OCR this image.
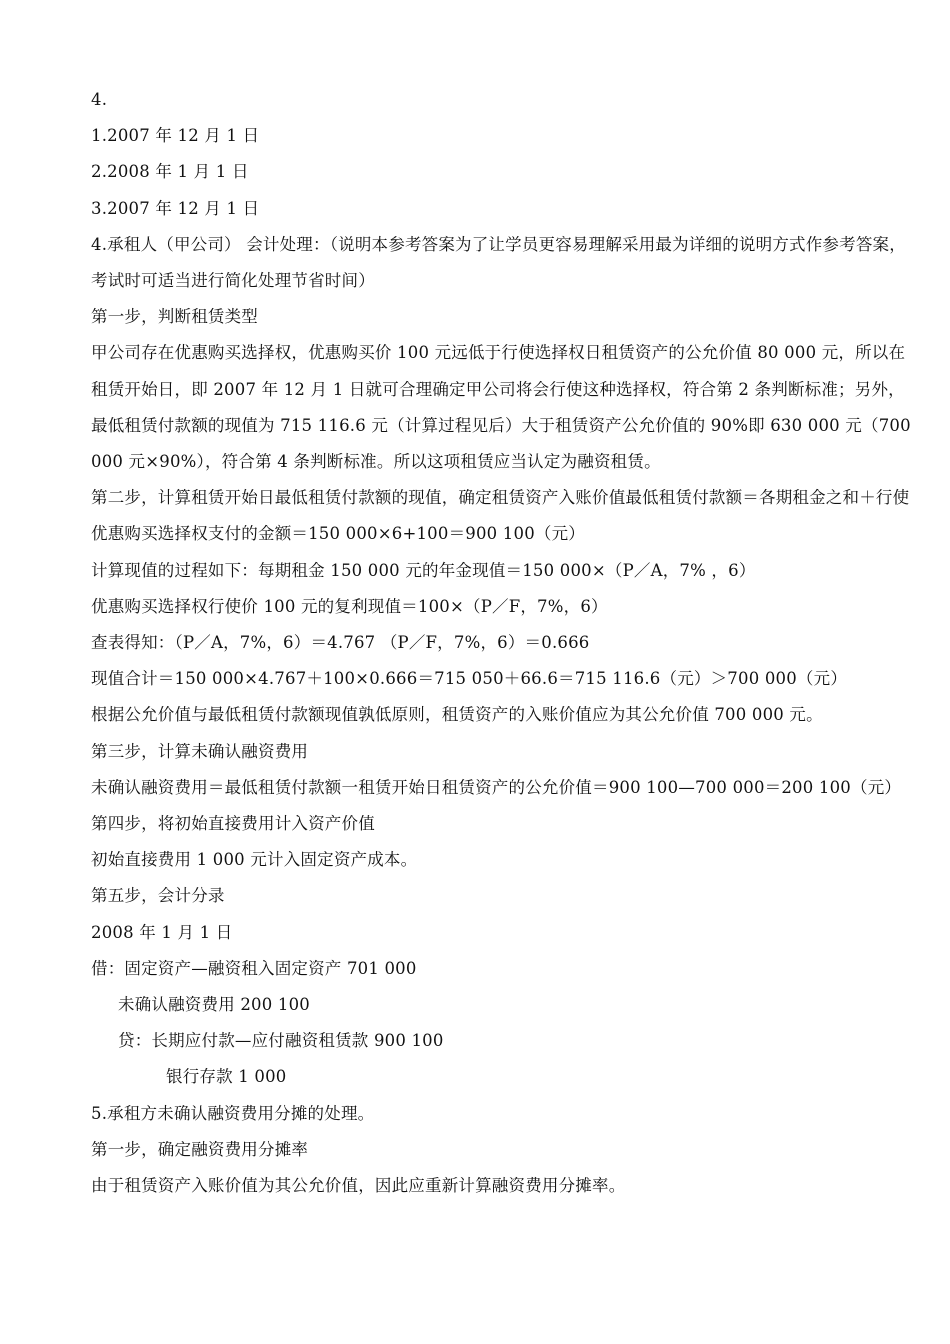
4.

1.2007 年 12 月 1 日

2.2008 年 1 月 1 日

3.2007 年 12 月 1 日

4.承租人（甲公司） 会计处理：（说明本参考答案为了让学员更容易理解采用最为详细的说明方式作参考答案，考试时可适当进行简化处理节省时间）

第一步，判断租赁类型

甲公司存在优惠购买选择权，优惠购买价 100 元远低于行使选择权日租赁资产的公允价值 80 000 元，所以在租赁开始日，即 2007 年 12 月 1 日就可合理确定甲公司将会行使这种选择权，符合第 2 条判断标准；另外，最低租赁付款额的现值为 715 116.6 元（计算过程见后）大于租赁资产公允价值的 90%即 630 000 元（700 000 元×90%），符合第 4 条判断标准。所以这项租赁应当认定为融资租赁。

第二步，计算租赁开始日最低租赁付款额的现值，确定租赁资产入账价值最低租赁付款额＝各期租金之和＋行使优惠购买选择权支付的金额＝150 000×6+100＝900 100（元）

计算现值的过程如下：每期租金 150 000 元的年金现值＝150 000×（P／A，7% ，6）

优惠购买选择权行使价 100 元的复利现值＝100×（P／F，7%，6）

查表得知：（P／A，7%，6）＝4.767 （P／F，7%，6）＝0.666

现值合计＝150 000×4.767＋100×0.666＝715 050＋66.6＝715 116.6（元）＞700 000（元）

根据公允价值与最低租赁付款额现值孰低原则，租赁资产的入账价值应为其公允价值 700 000 元。

第三步，计算未确认融资费用

未确认融资费用＝最低租赁付款额一租赁开始日租赁资产的公允价值＝900 100—700 000＝200 100（元）

第四步，将初始直接费用计入资产价值

初始直接费用 1 000 元计入固定资产成本。

第五步，会计分录

2008 年 1 月 1 日

借：固定资产—融资租入固定资产 701 000

未确认融资费用 200 100

贷：长期应付款—应付融资租赁款 900 100

银行存款 1 000

5.承租方未确认融资费用分摊的处理。

第一步，确定融资费用分摊率

由于租赁资产入账价值为其公允价值，因此应重新计算融资费用分摊率。
